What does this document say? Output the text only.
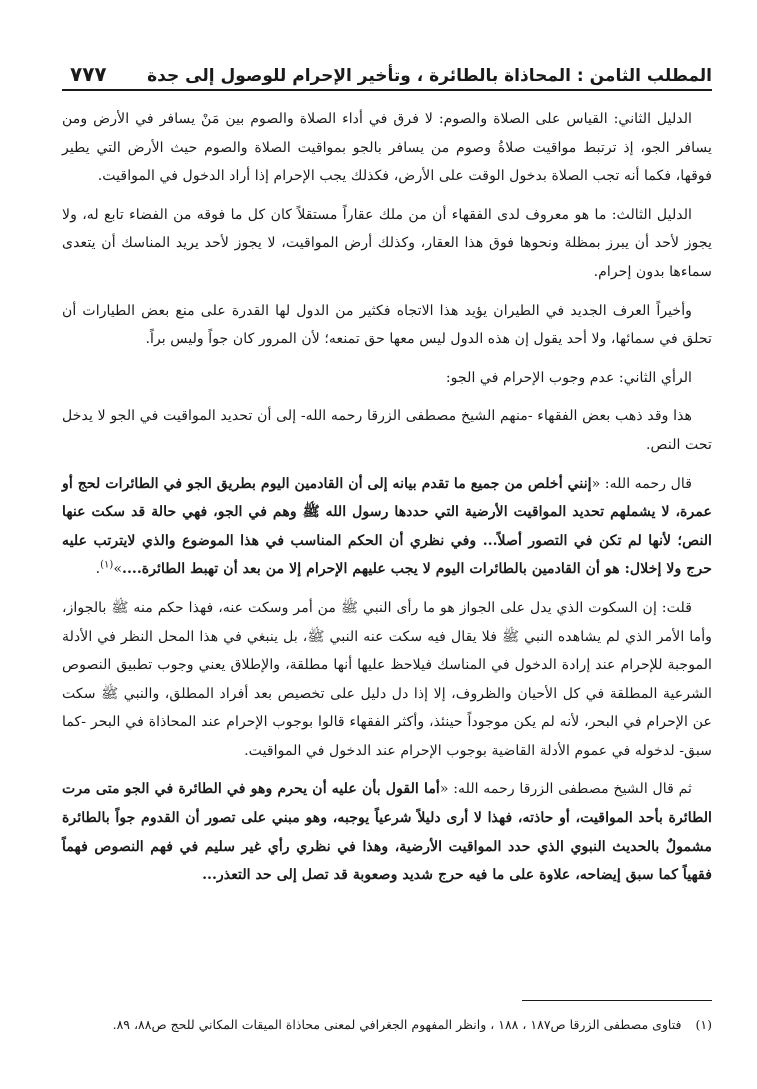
المطلب الثامن : المحاذاة بالطائرة ، وتأخير الإحرام للوصول إلى جدة
٧٧٧

الدليل الثاني: القياس على الصلاة والصوم: لا فرق في أداء الصلاة والصوم بين مَنْ يسافر في الأرض ومن يسافر الجو، إذ ترتبط مواقيت صلاةُ وصوم من يسافر بالجو بمواقيت الصلاة والصوم حيث الأرض التي يطير فوقها، فكما أنه تجب الصلاة بدخول الوقت على الأرض، فكذلك يجب الإحرام إذا أراد الدخول في المواقيت.

الدليل الثالث: ما هو معروف لدى الفقهاء أن من ملك عقاراً مستقلاً كان كل ما فوقه من الفضاء تابع له، ولا يجوز لأحد أن يبرز بمظلة ونحوها فوق هذا العقار، وكذلك أرض المواقيت، لا يجوز لأحد يريد المناسك أن يتعدى سماءها بدون إحرام.

وأخيراً العرف الجديد في الطيران يؤيد هذا الاتجاه فكثير من الدول لها القدرة على منع بعض الطيارات أن تحلق في سمائها، ولا أحد يقول إن هذه الدول ليس معها حق تمنعه؛ لأن المرور كان جواً وليس براً.

الرأي الثاني: عدم وجوب الإحرام في الجو:

هذا وقد ذهب بعض الفقهاء -منهم الشيخ مصطفى الزرقا رحمه الله- إلى أن تحديد المواقيت في الجو لا يدخل تحت النص.

قال رحمه الله: «إنني أخلص من جميع ما تقدم بيانه إلى أن القادمين اليوم بطريق الجو في الطائرات لحج أو عمرة، لا يشملهم تحديد المواقيت الأرضية التي حددها رسول الله ﷺ وهم في الجو، فهي حالة قد سكت عنها النص؛ لأنها لم تكن في التصور أصلاً... وفي نظري أن الحكم المناسب في هذا الموضوع والذي لايترتب عليه حرج ولا إخلال: هو أن القادمين بالطائرات اليوم لا يجب عليهم الإحرام إلا من بعد أن تهبط الطائرة....»$^{(١)}$.

قلت: إن السكوت الذي يدل على الجواز هو ما رأى النبي ﷺ من أمر وسكت عنه، فهذا حكم منه ﷺ بالجواز، وأما الأمر الذي لم يشاهده النبي ﷺ فلا يقال فيه سكت عنه النبي ﷺ، بل ينبغي في هذا المحل النظر في الأدلة الموجبة للإحرام عند إرادة الدخول في المناسك فيلاحظ عليها أنها مطلقة، والإطلاق يعني وجوب تطبيق النصوص الشرعية المطلقة في كل الأحيان والظروف، إلا إذا دل دليل على تخصيص بعد أفراد المطلق، والنبي ﷺ سكت عن الإحرام في البحر، لأنه لم يكن موجوداً حينئذ، وأكثر الفقهاء قالوا بوجوب الإحرام عند المحاذاة في البحر -كما سبق- لدخوله في عموم الأدلة القاضية بوجوب الإحرام عند الدخول في المواقيت.

ثم قال الشيخ مصطفى الزرقا رحمه الله: «أما القول بأن عليه أن يحرم وهو في الطائرة في الجو متى مرت الطائرة بأحد المواقيت، أو حاذته، فهذا لا أرى دليلاً شرعياً يوجبه، وهو مبني على تصور أن القدوم جواً بالطائرة مشمولٌ بالحديث النبوي الذي حدد المواقيت الأرضية، وهذا في نظري رأي غير سليم في فهم النصوص فهماً فقهياً كما سبق إيضاحه، علاوة على ما فيه حرج شديد وصعوبة قد تصل إلى حد التعذر...

(١)فتاوى مصطفى الزرقا ص١٨٧ ، ١٨٨ ، وانظر المفهوم الجغرافي لمعنى محاذاة الميقات المكاني للحج ص٨٨، ٨٩.
